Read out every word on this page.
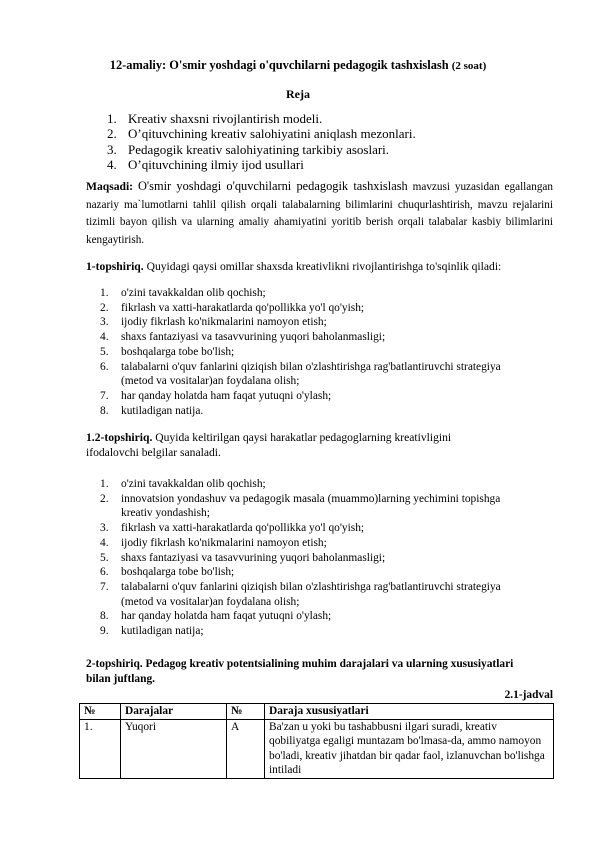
12-amaliy: O'smir yoshdagi o'quvchilarni pedagogik tashxislash (2 soat)
Reja
1. Kreativ shaxsni rivojlantirish modeli.
2. O’qituvchining kreativ salohiyatini aniqlash mezonlari.
3. Pedagogik kreativ salohiyatining tarkibiy asoslari.
4. O’qituvchining ilmiy ijod usullari

Maqsadi: O'smir yoshdagi o'quvchilarni pedagogik tashxislash mavzusi yuzasidan egallangan nazariy ma`lumotlarni tahlil qilish orqali talabalarning bilimlarini chuqurlashtirish, mavzu rejalarini tizimli bayon qilish va ularning amaliy ahamiyatini yoritib berish orqali talabalar kasbiy bilimlarini kengaytirish.

1-topshiriq. Quyidagi qaysi omillar shaxsda kreativlikni rivojlantirishga to'sqinlik qiladi:

1. o'zini tavakkaldan olib qochish;
2. fikrlash va xatti-harakatlarda qo'pollikka yo'l qo'yish;
3. ijodiy fikrlash ko'nikmalarini namoyon etish;
4. shaxs fantaziyasi va tasavvurining yuqori baholanmasligi;
5. boshqalarga tobe bo'lish;
6. talabalarni o'quv fanlarini qiziqish bilan o'zlashtirishga rag'batlantiruvchi strategiya (metod va vositalar)an foydalana olish;
7. har qanday holatda ham faqat yutuqni o'ylash;
8. kutiladigan natija.

1.2-topshiriq. Quyida keltirilgan qaysi harakatlar pedagoglarning kreativligini ifodalovchi belgilar sanaladi.

1. o'zini tavakkaldan olib qochish;
2. innovatsion yondashuv va pedagogik masala (muammo)larning yechimini topishga kreativ yondashish;
3. fikrlash va xatti-harakatlarda qo'pollikka yo'l qo'yish;
4. ijodiy fikrlash ko'nikmalarini namoyon etish;
5. shaxs fantaziyasi va tasavvurining yuqori baholanmasligi;
6. boshqalarga tobe bo'lish;
7. talabalarni o'quv fanlarini qiziqish bilan o'zlashtirishga rag'batlantiruvchi strategiya (metod va vositalar)an foydalana olish;
8. har qanday holatda ham faqat yutuqni o'ylash;
9. kutiladigan natija;

2-topshiriq. Pedagog kreativ potentsialining muhim darajalari va ularning xususiyatlari bilan juftlang.

2.1-jadval
№	Darajalar	№	Daraja xususiyatlari
1.	Yuqori	A	Ba'zan u yoki bu tashabbusni ilgari suradi, kreativ qobiliyatga egaligi muntazam bo'lmasa-da, ammo namoyon bo'ladi, kreativ jihatdan bir qadar faol, izlanuvchan bo'lishga intiladi
